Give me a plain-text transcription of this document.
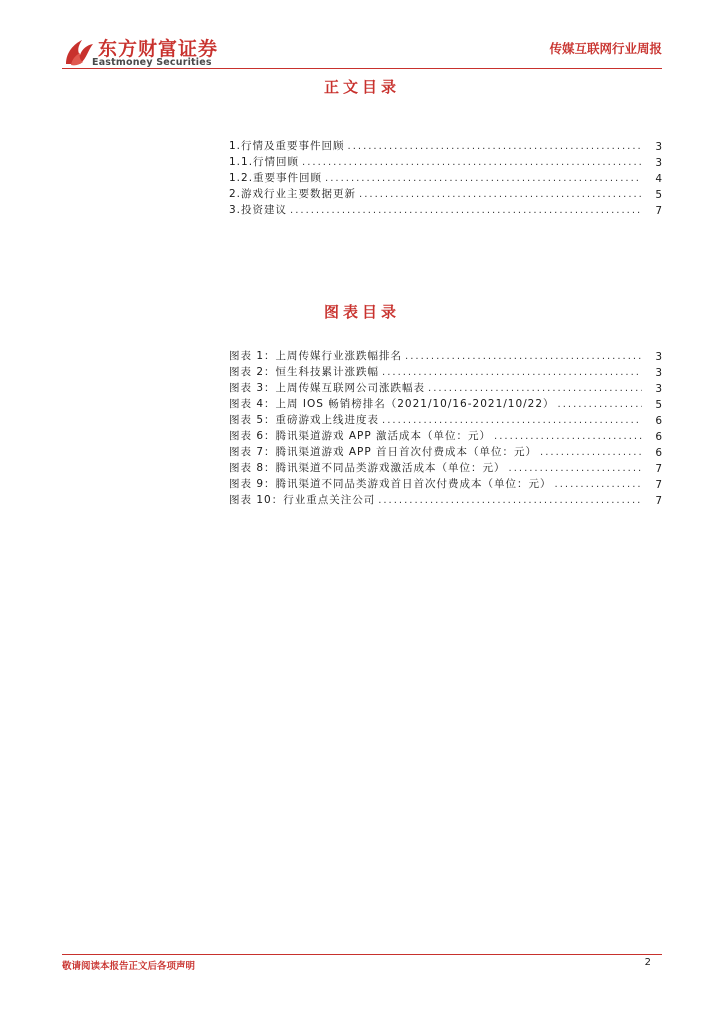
东方财富证券
Eastmoney Securities
传媒互联网行业周报
正文目录
1.行情及重要事件回顾 .....	3
1.1.行情回顾 .....	3
1.2.重要事件回顾 .....	4
2.游戏行业主要数据更新 .....	5
3.投资建议 .....	7
图表目录
图表 1：上周传媒行业涨跌幅排名 .....	3
图表 2：恒生科技累计涨跌幅 .....	3
图表 3：上周传媒互联网公司涨跌幅表 .....	3
图表 4：上周 IOS 畅销榜排名（2021/10/16-2021/10/22） .....	5
图表 5：重磅游戏上线进度表 .....	6
图表 6：腾讯渠道游戏 APP 激活成本（单位：元） .....	6
图表 7：腾讯渠道游戏 APP 首日首次付费成本（单位：元） .....	6
图表 8：腾讯渠道不同品类游戏激活成本（单位：元） .....	7
图表 9：腾讯渠道不同品类游戏首日首次付费成本（单位：元） .....	7
图表 10：行业重点关注公司 .....	7
敬请阅读本报告正文后各项声明	2
